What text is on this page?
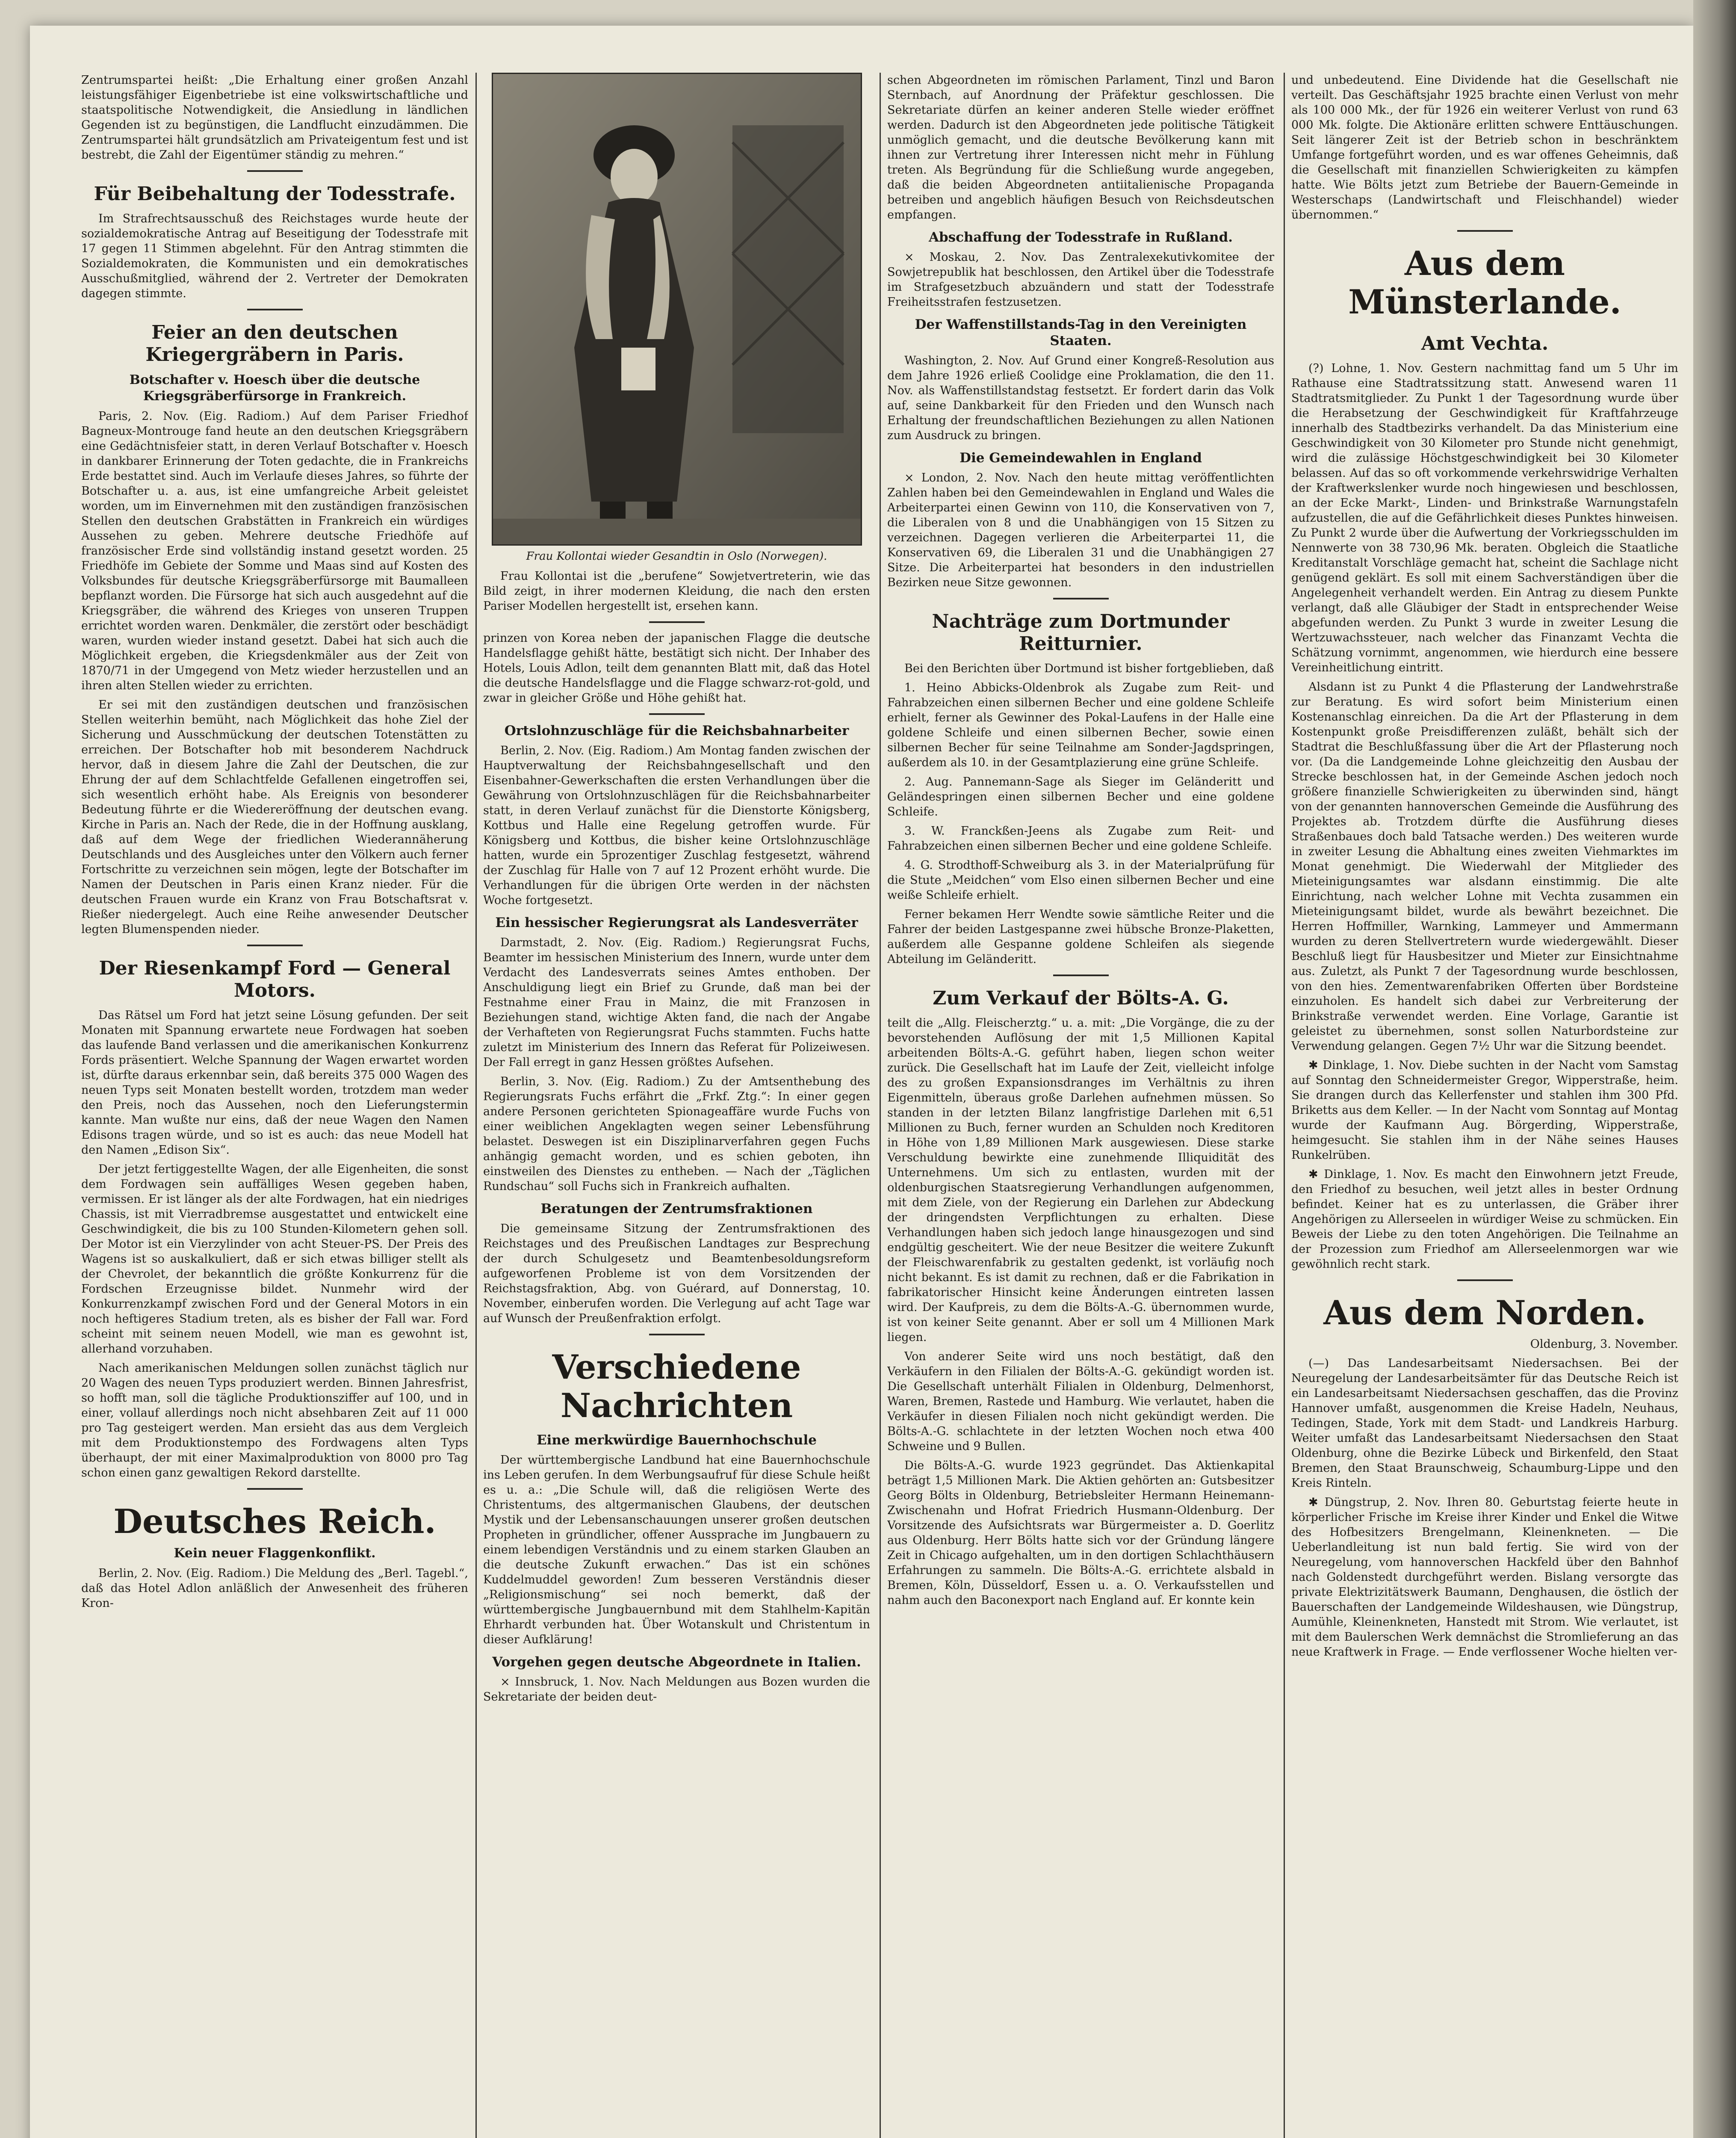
Zentrumspartei heißt: „Die Erhaltung einer großen Anzahl leistungsfähiger Eigenbetriebe ist eine volkswirtschaftliche und staatspolitische Notwendigkeit, die Ansiedlung in ländlichen Gegenden ist zu begünstigen, die Landflucht einzudämmen. Die Zentrumspartei hält grundsätzlich am Privateigentum fest und ist bestrebt, die Zahl der Eigentümer ständig zu mehren.“

Für Beibehaltung der Todesstrafe.

Im Strafrechtsausschuß des Reichstages wurde heute der sozialdemokratische Antrag auf Beseitigung der Todesstrafe mit 17 gegen 11 Stimmen abgelehnt. Für den Antrag stimmten die Sozialdemokraten, die Kommunisten und ein demokratisches Ausschußmitglied, während der 2. Vertreter der Demokraten dagegen stimmte.

Feier an den deutschen Kriegergräbern in Paris.
Botschafter v. Hoesch über die deutsche Kriegsgräberfürsorge in Frankreich.

Paris, 2. Nov. (Eig. Radiom.) Auf dem Pariser Friedhof Bagneux-Montrouge fand heute an den deutschen Kriegsgräbern eine Gedächtnisfeier statt, in deren Verlauf Botschafter v. Hoesch in dankbarer Erinnerung der Toten gedachte, die in Frankreichs Erde bestattet sind. Auch im Verlaufe dieses Jahres, so führte der Botschafter u. a. aus, ist eine umfangreiche Arbeit geleistet worden, um im Einvernehmen mit den zuständigen französischen Stellen den deutschen Grabstätten in Frankreich ein würdiges Aussehen zu geben. Mehrere deutsche Friedhöfe auf französischer Erde sind vollständig instand gesetzt worden. 25 Friedhöfe im Gebiete der Somme und Maas sind auf Kosten des Volksbundes für deutsche Kriegsgräberfürsorge mit Baumalleen bepflanzt worden. Die Fürsorge hat sich auch ausgedehnt auf die Kriegsgräber, die während des Krieges von unseren Truppen errichtet worden waren. Denkmäler, die zerstört oder beschädigt waren, wurden wieder instand gesetzt. Dabei hat sich auch die Möglichkeit ergeben, die Kriegsdenkmäler aus der Zeit von 1870/71 in der Umgegend von Metz wieder herzustellen und an ihren alten Stellen wieder zu errichten.

Er sei mit den zuständigen deutschen und französischen Stellen weiterhin bemüht, nach Möglichkeit das hohe Ziel der Sicherung und Ausschmückung der deutschen Totenstätten zu erreichen. Der Botschafter hob mit besonderem Nachdruck hervor, daß in diesem Jahre die Zahl der Deutschen, die zur Ehrung der auf dem Schlachtfelde Gefallenen eingetroffen sei, sich wesentlich erhöht habe. Als Ereignis von besonderer Bedeutung führte er die Wiedereröffnung der deutschen evang. Kirche in Paris an. Nach der Rede, die in der Hoffnung ausklang, daß auf dem Wege der friedlichen Wiederannäherung Deutschlands und des Ausgleiches unter den Völkern auch ferner Fortschritte zu verzeichnen sein mögen, legte der Botschafter im Namen der Deutschen in Paris einen Kranz nieder. Für die deutschen Frauen wurde ein Kranz von Frau Botschaftsrat v. Rießer niedergelegt. Auch eine Reihe anwesender Deutscher legten Blumenspenden nieder.

Der Riesenkampf Ford — General Motors.

Das Rätsel um Ford hat jetzt seine Lösung gefunden. Der seit Monaten mit Spannung erwartete neue Fordwagen hat soeben das laufende Band verlassen und die amerikanischen Konkurrenz Fords präsentiert. Welche Spannung der Wagen erwartet worden ist, dürfte daraus erkennbar sein, daß bereits 375 000 Wagen des neuen Typs seit Monaten bestellt worden, trotzdem man weder den Preis, noch das Aussehen, noch den Lieferungstermin kannte. Man wußte nur eins, daß der neue Wagen den Namen Edisons tragen würde, und so ist es auch: das neue Modell hat den Namen „Edison Six“.

Der jetzt fertiggestellte Wagen, der alle Eigenheiten, die sonst dem Fordwagen sein auffälliges Wesen gegeben haben, vermissen. Er ist länger als der alte Fordwagen, hat ein niedriges Chassis, ist mit Vierradbremse ausgestattet und entwickelt eine Geschwindigkeit, die bis zu 100 Stunden-Kilometern gehen soll. Der Motor ist ein Vierzylinder von acht Steuer-PS. Der Preis des Wagens ist so auskalkuliert, daß er sich etwas billiger stellt als der Chevrolet, der bekanntlich die größte Konkurrenz für die Fordschen Erzeugnisse bildet. Nunmehr wird der Konkurrenzkampf zwischen Ford und der General Motors in ein noch heftigeres Stadium treten, als es bisher der Fall war. Ford scheint mit seinem neuen Modell, wie man es gewohnt ist, allerhand vorzuhaben.

Nach amerikanischen Meldungen sollen zunächst täglich nur 20 Wagen des neuen Typs produziert werden. Binnen Jahresfrist, so hofft man, soll die tägliche Produktionsziffer auf 100, und in einer, vollauf allerdings noch nicht absehbaren Zeit auf 11 000 pro Tag gesteigert werden. Man ersieht das aus dem Vergleich mit dem Produktionstempo des Fordwagens alten Typs überhaupt, der mit einer Maximalproduktion von 8000 pro Tag schon einen ganz gewaltigen Rekord darstellte.

Deutsches Reich.
Kein neuer Flaggenkonflikt.

Berlin, 2. Nov. (Eig. Radiom.) Die Meldung des „Berl. Tagebl.“, daß das Hotel Adlon anläßlich der Anwesenheit des früheren Kron-

Frau Kollontai wieder Gesandtin in Oslo (Norwegen).

Frau Kollontai ist die „berufene“ Sowjetvertreterin, wie das Bild zeigt, in ihrer modernen Kleidung, die nach den ersten Pariser Modellen hergestellt ist, ersehen kann.

prinzen von Korea neben der japanischen Flagge die deutsche Handelsflagge gehißt hätte, bestätigt sich nicht. Der Inhaber des Hotels, Louis Adlon, teilt dem genannten Blatt mit, daß das Hotel die deutsche Handelsflagge und die Flagge schwarz-rot-gold, und zwar in gleicher Größe und Höhe gehißt hat.

Ortslohnzuschläge für die Reichsbahnarbeiter

Berlin, 2. Nov. (Eig. Radiom.) Am Montag fanden zwischen der Hauptverwaltung der Reichsbahngesellschaft und den Eisenbahner-Gewerkschaften die ersten Verhandlungen über die Gewährung von Ortslohnzuschlägen für die Reichsbahnarbeiter statt, in deren Verlauf zunächst für die Dienstorte Königsberg, Kottbus und Halle eine Regelung getroffen wurde. Für Königsberg und Kottbus, die bisher keine Ortslohnzuschläge hatten, wurde ein 5prozentiger Zuschlag festgesetzt, während der Zuschlag für Halle von 7 auf 12 Prozent erhöht wurde. Die Verhandlungen für die übrigen Orte werden in der nächsten Woche fortgesetzt.

Ein hessischer Regierungsrat als Landesverräter

Darmstadt, 2. Nov. (Eig. Radiom.) Regierungsrat Fuchs, Beamter im hessischen Ministerium des Innern, wurde unter dem Verdacht des Landesverrats seines Amtes enthoben. Der Anschuldigung liegt ein Brief zu Grunde, daß man bei der Festnahme einer Frau in Mainz, die mit Franzosen in Beziehungen stand, wichtige Akten fand, die nach der Angabe der Verhafteten von Regierungsrat Fuchs stammten. Fuchs hatte zuletzt im Ministerium des Innern das Referat für Polizeiwesen. Der Fall erregt in ganz Hessen größtes Aufsehen.

Berlin, 3. Nov. (Eig. Radiom.) Zu der Amtsenthebung des Regierungsrats Fuchs erfährt die „Frkf. Ztg.“: In einer gegen andere Personen gerichteten Spionageaffäre wurde Fuchs von einer weiblichen Angeklagten wegen seiner Lebensführung belastet. Deswegen ist ein Disziplinarverfahren gegen Fuchs anhängig gemacht worden, und es schien geboten, ihn einstweilen des Dienstes zu entheben. — Nach der „Täglichen Rundschau“ soll Fuchs sich in Frankreich aufhalten.

Beratungen der Zentrumsfraktionen

Die gemeinsame Sitzung der Zentrumsfraktionen des Reichstages und des Preußischen Landtages zur Besprechung der durch Schulgesetz und Beamtenbesoldungsreform aufgeworfenen Probleme ist von dem Vorsitzenden der Reichstagsfraktion, Abg. von Guérard, auf Donnerstag, 10. November, einberufen worden. Die Verlegung auf acht Tage war auf Wunsch der Preußenfraktion erfolgt.

Verschiedene Nachrichten
Eine merkwürdige Bauernhochschule

Der württembergische Landbund hat eine Bauernhochschule ins Leben gerufen. In dem Werbungsaufruf für diese Schule heißt es u. a.: „Die Schule will, daß die religiösen Werte des Christentums, des altgermanischen Glaubens, der deutschen Mystik und der Lebensanschauungen unserer großen deutschen Propheten in gründlicher, offener Aussprache im Jungbauern zu einem lebendigen Verständnis und zu einem starken Glauben an die deutsche Zukunft erwachen.“ Das ist ein schönes Kuddelmuddel geworden! Zum besseren Verständnis dieser „Religionsmischung“ sei noch bemerkt, daß der württembergische Jungbauernbund mit dem Stahlhelm-Kapitän Ehrhardt verbunden hat. Über Wotanskult und Christentum in dieser Aufklärung!

Vorgehen gegen deutsche Abgeordnete in Italien.

× Innsbruck, 1. Nov. Nach Meldungen aus Bozen wurden die Sekretariate der beiden deut-

schen Abgeordneten im römischen Parlament, Tinzl und Baron Sternbach, auf Anordnung der Präfektur geschlossen. Die Sekretariate dürfen an keiner anderen Stelle wieder eröffnet werden. Dadurch ist den Abgeordneten jede politische Tätigkeit unmöglich gemacht, und die deutsche Bevölkerung kann mit ihnen zur Vertretung ihrer Interessen nicht mehr in Fühlung treten. Als Begründung für die Schließung wurde angegeben, daß die beiden Abgeordneten antiitalienische Propaganda betreiben und angeblich häufigen Besuch von Reichsdeutschen empfangen.

Abschaffung der Todesstrafe in Rußland.

× Moskau, 2. Nov. Das Zentralexekutivkomitee der Sowjetrepublik hat beschlossen, den Artikel über die Todesstrafe im Strafgesetzbuch abzuändern und statt der Todesstrafe Freiheitsstrafen festzusetzen.

Der Waffenstillstands-Tag in den Vereinigten Staaten.

Washington, 2. Nov. Auf Grund einer Kongreß-Resolution aus dem Jahre 1926 erließ Coolidge eine Proklamation, die den 11. Nov. als Waffenstillstandstag festsetzt. Er fordert darin das Volk auf, seine Dankbarkeit für den Frieden und den Wunsch nach Erhaltung der freundschaftlichen Beziehungen zu allen Nationen zum Ausdruck zu bringen.

Die Gemeindewahlen in England

× London, 2. Nov. Nach den heute mittag veröffentlichten Zahlen haben bei den Gemeindewahlen in England und Wales die Arbeiterpartei einen Gewinn von 110, die Konservativen von 7, die Liberalen von 8 und die Unabhängigen von 15 Sitzen zu verzeichnen. Dagegen verlieren die Arbeiterpartei 11, die Konservativen 69, die Liberalen 31 und die Unabhängigen 27 Sitze. Die Arbeiterpartei hat besonders in den industriellen Bezirken neue Sitze gewonnen.

Nachträge zum Dortmunder Reitturnier.

Bei den Berichten über Dortmund ist bisher fortgeblieben, daß

1. Heino Abbicks-Oldenbrok als Zugabe zum Reit- und Fahrabzeichen einen silbernen Becher und eine goldene Schleife erhielt, ferner als Gewinner des Pokal-Laufens in der Halle eine goldene Schleife und einen silbernen Becher, sowie einen silbernen Becher für seine Teilnahme am Sonder-Jagdspringen, außerdem als 10. in der Gesamtplazierung eine grüne Schleife.

2. Aug. Pannemann-Sage als Sieger im Geländeritt und Geländespringen einen silbernen Becher und eine goldene Schleife.

3. W. Franckßen-Jeens als Zugabe zum Reit- und Fahrabzeichen einen silbernen Becher und eine goldene Schleife.

4. G. Strodthoff-Schweiburg als 3. in der Materialprüfung für die Stute „Meidchen“ vom Elso einen silbernen Becher und eine weiße Schleife erhielt.

Ferner bekamen Herr Wendte sowie sämtliche Reiter und die Fahrer der beiden Lastgespanne zwei hübsche Bronze-Plaketten, außerdem alle Gespanne goldene Schleifen als siegende Abteilung im Geländeritt.

Zum Verkauf der Bölts-A. G.

teilt die „Allg. Fleischerztg.“ u. a. mit: „Die Vorgänge, die zu der bevorstehenden Auflösung der mit 1,5 Millionen Kapital arbeitenden Bölts-A.-G. geführt haben, liegen schon weiter zurück. Die Gesellschaft hat im Laufe der Zeit, vielleicht infolge des zu großen Expansionsdranges im Verhältnis zu ihren Eigenmitteln, überaus große Darlehen aufnehmen müssen. So standen in der letzten Bilanz langfristige Darlehen mit 6,51 Millionen zu Buch, ferner wurden an Schulden noch Kreditoren in Höhe von 1,89 Millionen Mark ausgewiesen. Diese starke Verschuldung bewirkte eine zunehmende Illiquidität des Unternehmens. Um sich zu entlasten, wurden mit der oldenburgischen Staatsregierung Verhandlungen aufgenommen, mit dem Ziele, von der Regierung ein Darlehen zur Abdeckung der dringendsten Verpflichtungen zu erhalten. Diese Verhandlungen haben sich jedoch lange hinausgezogen und sind endgültig gescheitert. Wie der neue Besitzer die weitere Zukunft der Fleischwarenfabrik zu gestalten gedenkt, ist vorläufig noch nicht bekannt. Es ist damit zu rechnen, daß er die Fabrikation in fabrikatorischer Hinsicht keine Änderungen eintreten lassen wird. Der Kaufpreis, zu dem die Bölts-A.-G. übernommen wurde, ist von keiner Seite genannt. Aber er soll um 4 Millionen Mark liegen.

Von anderer Seite wird uns noch bestätigt, daß den Verkäufern in den Filialen der Bölts-A.-G. gekündigt worden ist. Die Gesellschaft unterhält Filialen in Oldenburg, Delmenhorst, Waren, Bremen, Rastede und Hamburg. Wie verlautet, haben die Verkäufer in diesen Filialen noch nicht gekündigt werden. Die Bölts-A.-G. schlachtete in der letzten Wochen noch etwa 400 Schweine und 9 Bullen.

Die Bölts-A.-G. wurde 1923 gegründet. Das Aktienkapital beträgt 1,5 Millionen Mark. Die Aktien gehörten an: Gutsbesitzer Georg Bölts in Oldenburg, Betriebsleiter Hermann Heinemann-Zwischenahn und Hofrat Friedrich Husmann-Oldenburg. Der Vorsitzende des Aufsichtsrats war Bürgermeister a. D. Goerlitz aus Oldenburg. Herr Bölts hatte sich vor der Gründung längere Zeit in Chicago aufgehalten, um in den dortigen Schlachthäusern Erfahrungen zu sammeln. Die Bölts-A.-G. errichtete alsbald in Bremen, Köln, Düsseldorf, Essen u. a. O. Verkaufsstellen und nahm auch den Baconexport nach England auf. Er konnte kein

und unbedeutend. Eine Dividende hat die Gesellschaft nie verteilt. Das Geschäftsjahr 1925 brachte einen Verlust von mehr als 100 000 Mk., der für 1926 ein weiterer Verlust von rund 63 000 Mk. folgte. Die Aktionäre erlitten schwere Enttäuschungen. Seit längerer Zeit ist der Betrieb schon in beschränktem Umfange fortgeführt worden, und es war offenes Geheimnis, daß die Gesellschaft mit finanziellen Schwierigkeiten zu kämpfen hatte. Wie Bölts jetzt zum Betriebe der Bauern-Gemeinde in Westerschaps (Landwirtschaft und Fleischhandel) wieder übernommen.“

Aus dem Münsterlande.
Amt Vechta.

(?) Lohne, 1. Nov. Gestern nachmittag fand um 5 Uhr im Rathause eine Stadtratssitzung statt. Anwesend waren 11 Stadtratsmitglieder. Zu Punkt 1 der Tagesordnung wurde über die Herabsetzung der Geschwindigkeit für Kraftfahrzeuge innerhalb des Stadtbezirks verhandelt. Da das Ministerium eine Geschwindigkeit von 30 Kilometer pro Stunde nicht genehmigt, wird die zulässige Höchstgeschwindigkeit bei 30 Kilometer belassen. Auf das so oft vorkommende verkehrswidrige Verhalten der Kraftwerkslenker wurde noch hingewiesen und beschlossen, an der Ecke Markt-, Linden- und Brinkstraße Warnungstafeln aufzustellen, die auf die Gefährlichkeit dieses Punktes hinweisen. Zu Punkt 2 wurde über die Aufwertung der Vorkriegsschulden im Nennwerte von 38 730,96 Mk. beraten. Obgleich die Staatliche Kreditanstalt Vorschläge gemacht hat, scheint die Sachlage nicht genügend geklärt. Es soll mit einem Sachverständigen über die Angelegenheit verhandelt werden. Ein Antrag zu diesem Punkte verlangt, daß alle Gläubiger der Stadt in entsprechender Weise abgefunden werden. Zu Punkt 3 wurde in zweiter Lesung die Wertzuwachssteuer, nach welcher das Finanzamt Vechta die Schätzung vornimmt, angenommen, wie hierdurch eine bessere Vereinheitlichung eintritt.

Alsdann ist zu Punkt 4 die Pflasterung der Landwehrstraße zur Beratung. Es wird sofort beim Ministerium einen Kostenanschlag einreichen. Da die Art der Pflasterung in dem Kostenpunkt große Preisdifferenzen zuläßt, behält sich der Stadtrat die Beschlußfassung über die Art der Pflasterung noch vor. (Da die Landgemeinde Lohne gleichzeitig den Ausbau der Strecke beschlossen hat, in der Gemeinde Aschen jedoch noch größere finanzielle Schwierigkeiten zu überwinden sind, hängt von der genannten hannoverschen Gemeinde die Ausführung des Projektes ab. Trotzdem dürfte die Ausführung dieses Straßenbaues doch bald Tatsache werden.) Des weiteren wurde in zweiter Lesung die Abhaltung eines zweiten Viehmarktes im Monat genehmigt. Die Wiederwahl der Mitglieder des Mieteinigungsamtes war alsdann einstimmig. Die alte Einrichtung, nach welcher Lohne mit Vechta zusammen ein Mieteinigungsamt bildet, wurde als bewährt bezeichnet. Die Herren Hoffmiller, Warnking, Lammeyer und Ammermann wurden zu deren Stellvertretern wurde wiedergewählt. Dieser Beschluß liegt für Hausbesitzer und Mieter zur Einsichtnahme aus. Zuletzt, als Punkt 7 der Tagesordnung wurde beschlossen, von den hies. Zementwarenfabriken Offerten über Bordsteine einzuholen. Es handelt sich dabei zur Verbreiterung der Brinkstraße verwendet werden. Eine Vorlage, Garantie ist geleistet zu übernehmen, sonst sollen Naturbordsteine zur Verwendung gelangen. Gegen 7½ Uhr war die Sitzung beendet.

✱ Dinklage, 1. Nov. Diebe suchten in der Nacht vom Samstag auf Sonntag den Schneidermeister Gregor, Wipperstraße, heim. Sie drangen durch das Kellerfenster und stahlen ihm 300 Pfd. Briketts aus dem Keller. — In der Nacht vom Sonntag auf Montag wurde der Kaufmann Aug. Börgerding, Wipperstraße, heimgesucht. Sie stahlen ihm in der Nähe seines Hauses Runkelrüben.

✱ Dinklage, 1. Nov. Es macht den Einwohnern jetzt Freude, den Friedhof zu besuchen, weil jetzt alles in bester Ordnung befindet. Keiner hat es zu unterlassen, die Gräber ihrer Angehörigen zu Allerseelen in würdiger Weise zu schmücken. Ein Beweis der Liebe zu den toten Angehörigen. Die Teilnahme an der Prozession zum Friedhof am Allerseelenmorgen war wie gewöhnlich recht stark.

Aus dem Norden.

Oldenburg, 3. November.

(—) Das Landesarbeitsamt Niedersachsen. Bei der Neuregelung der Landesarbeitsämter für das Deutsche Reich ist ein Landesarbeitsamt Niedersachsen geschaffen, das die Provinz Hannover umfaßt, ausgenommen die Kreise Hadeln, Neuhaus, Tedingen, Stade, York mit dem Stadt- und Landkreis Harburg. Weiter umfaßt das Landesarbeitsamt Niedersachsen den Staat Oldenburg, ohne die Bezirke Lübeck und Birkenfeld, den Staat Bremen, den Staat Braunschweig, Schaumburg-Lippe und den Kreis Rinteln.

✱ Düngstrup, 2. Nov. Ihren 80. Geburtstag feierte heute in körperlicher Frische im Kreise ihrer Kinder und Enkel die Witwe des Hofbesitzers Brengelmann, Kleinenkneten. — Die Ueberlandleitung ist nun bald fertig. Sie wird von der Neuregelung, vom hannoverschen Hackfeld über den Bahnhof nach Goldenstedt durchgeführt werden. Bislang versorgte das private Elektrizitätswerk Baumann, Denghausen, die östlich der Bauerschaften der Landgemeinde Wildeshausen, wie Düngstrup, Aumühle, Kleinenkneten, Hanstedt mit Strom. Wie verlautet, ist mit dem Baulerschen Werk demnächst die Stromlieferung an das neue Kraftwerk in Frage. — Ende verflossener Woche hielten ver-
